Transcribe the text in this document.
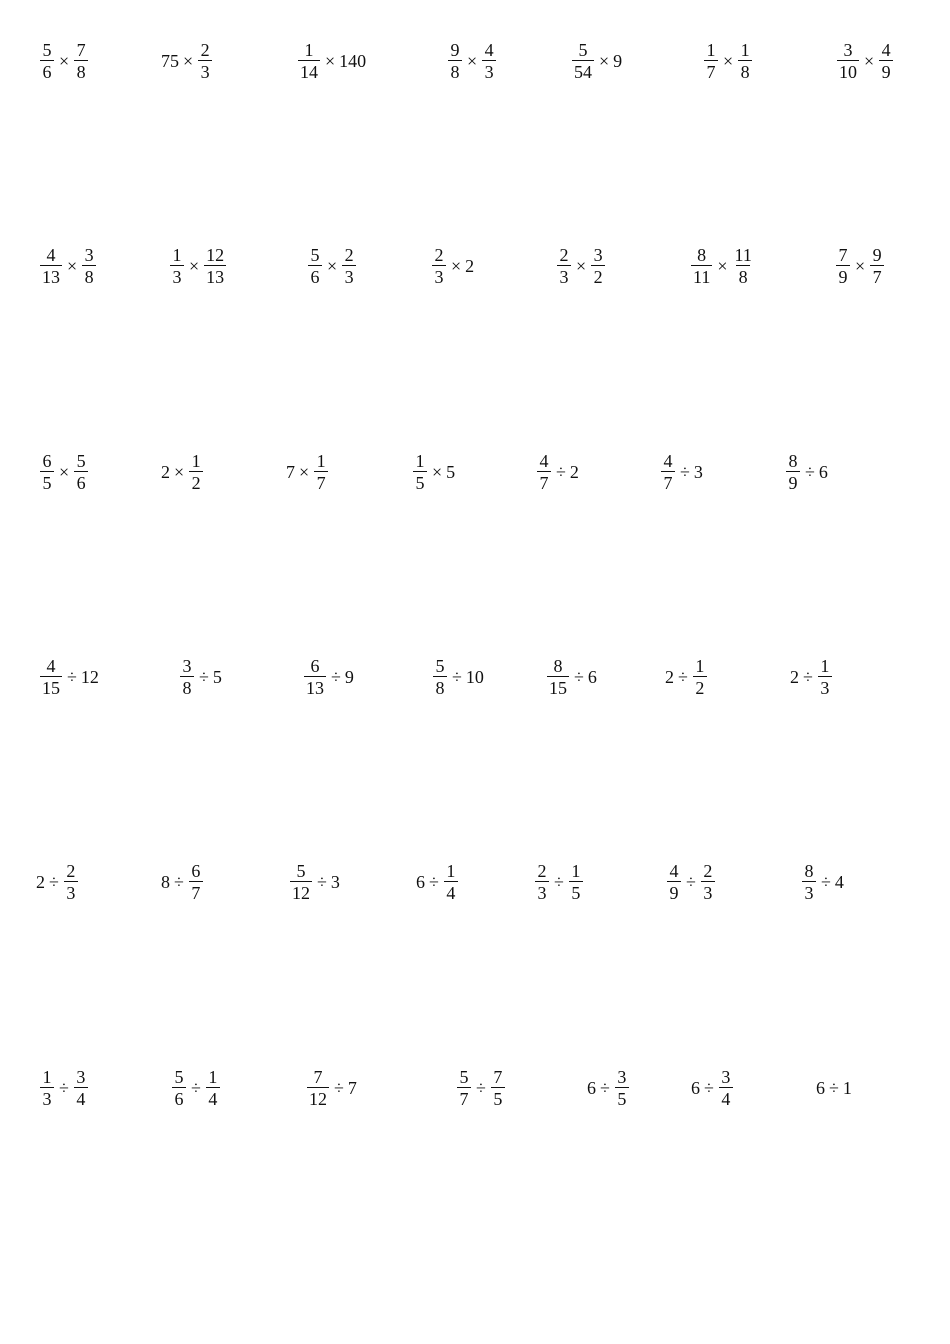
$\frac{5}{6} \times \frac{7}{8}$	$75 \times \frac{2}{3}$	$\frac{1}{14} \times 140$	$\frac{9}{8} \times \frac{4}{3}$	$\frac{5}{54} \times 9$	$\frac{1}{7} \times \frac{1}{8}$	$\frac{3}{10} \times \frac{4}{9}$
$\frac{4}{13} \times \frac{3}{8}$	$\frac{1}{3} \times \frac{12}{13}$	$\frac{5}{6} \times \frac{2}{3}$	$\frac{2}{3} \times 2$	$\frac{2}{3} \times \frac{3}{2}$	$\frac{8}{11} \times \frac{11}{8}$	$\frac{7}{9} \times \frac{9}{7}$
$\frac{6}{5} \times \frac{5}{6}$	$2 \times \frac{1}{2}$	$7 \times \frac{1}{7}$	$\frac{1}{5} \times 5$	$\frac{4}{7} \div 2$	$\frac{4}{7} \div 3$	$\frac{8}{9} \div 6$
$\frac{4}{15} \div 12$	$\frac{3}{8} \div 5$	$\frac{6}{13} \div 9$	$\frac{5}{8} \div 10$	$\frac{8}{15} \div 6$	$2 \div \frac{1}{2}$	$2 \div \frac{1}{3}$
$2 \div \frac{2}{3}$	$8 \div \frac{6}{7}$	$\frac{5}{12} \div 3$	$6 \div \frac{1}{4}$	$\frac{2}{3} \div \frac{1}{5}$	$\frac{4}{9} \div \frac{2}{3}$	$\frac{8}{3} \div 4$
$\frac{1}{3} \div \frac{3}{4}$	$\frac{5}{6} \div \frac{1}{4}$	$\frac{7}{12} \div 7$	$\frac{5}{7} \div \frac{7}{5}$	$6 \div \frac{3}{5}$	$6 \div \frac{3}{4}$	6 ÷ 1
